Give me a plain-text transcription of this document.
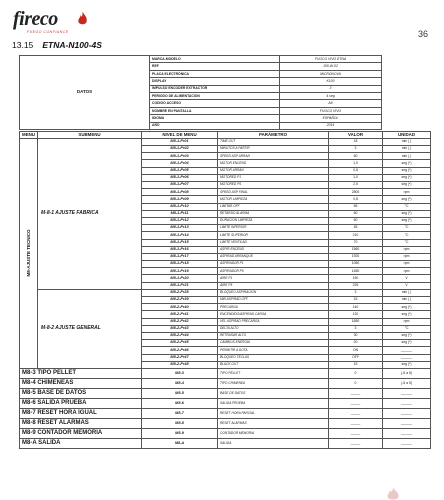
fireco
FUEGO CONFIANCE	36
13.15 ETNA-N100-4S
DATOS	MARCA-MODELO	FUOCO VIVO ETNA	
	REF	105-W-02	
	PLACA ELECTRÓNICA	MICRONOVA	
	DISPLAY	K100	
	IMPULSO ENCODER EXTRACTOR	3	
	PERIODO DE ALIMENTACION	4 seg	
	CODIGO ACCESO	A9	
	NOMBRE EN PANTALLA	FUOCO VIVO	
	IDIOMA	ESPAÑOL	
	AÑO	2014	
MENU	SUBMENU	NIVEL DE MENU	PARÁMETRO	VALOR	UNIDAD

M8-AJUSTE TECNICO	M-8-1 AJUSTE FABRICA	M8-1-Pr01	TIME OUT	18	min ( )
		M8-1-Pr02	MINUTOS A PARTIR	3	min ( )
		M8-1-Pr03	SPEED ASP ARRAN	60	min ( )
		M8-1-Pr04	MOTOR ENCEND	1,0	seg (*)
		M8-1-Pr05	MOTOR ARRAN	0,8	seg (*)
		M8-1-Pr06	MOTORED P1	1,0	seg (*)
		M8-1-Pr07	MOTORED P5	2,5	seg (*)
		M8-1-Pr08	SPEED ASP FINAL	2800	rpm
		M8-1-Pr09	MOTOR LIMPIEZA	0,8	seg (*)
		M8-1-Pr10	LIMITAR OFF	65	°C
		M8-1-Pr11	RETARDO ALARMA	60	seg (*)
		M8-1-Pr12	DURACION LIMPIEZA	60	seg (*)
		M8-1-Pr13	LIMITE INFERIOR	45	°C
		M8-1-Pr14	LIMITE SUPERIOR	210	°C
		M8-1-Pr15	LIMITE VENTILAD	70	°C
		M8-1-Pr16	ASPIR ENCEND	1560	rpm
		M8-1-Pr17	ASPIRAD ARRANQUE	1920	rpm
		M8-1-Pr18	ASPIRADOR P1	1050	rpm
		M8-1-Pr19	ASPIRADOR P5	1450	rpm
		M8-1-Pr20	AIRE P1	150	V
		M8-1-Pr21	AIRE P5	225	V
	M-8-2 AJUSTE GENERAL	M8-2-Pr28	BLOQUEO ASPIRACION	3	min ( )
		M8-2-Pr39	MIN ASPIRAD OFF	15	min ( )
		M8-2-Pr40	PRECARGA	140	seg (*)
		M8-2-Pr41	ENCENDIDO/ASPIRAD CARGA	120	seg (*)
		M8-2-Pr42	VEL ASPIRAD PRECARGA	1650	rpm
		M8-2-Pr43	DELTA ALTO	3	°C
		M8-2-Pr44	RETRASAR ALTO	30	seg (*)
		M8-2-Pr45	CAMBIOS ENERGIA	20	seg (*)
		M8-2-Pr46	PERMITIR A DOTA	ON	______
		M8-2-Pr47	BLOQUEO TECLAS	OFF	______
		M8-2-Pr48	BLACK OUT	15	seg (*)
M8-3 TIPO PELLET		M8-3	TIPO PELLET	0	(-5 a 5)
M8-4 CHIMENEAS		M8-4	TIPO CHIMENEA	0	(-5 a 5)
M8-5 BASE DE DATOS		M8-5	BASE DE DATOS	_____	______
M8-6 SALIDA PRUEBA		M8-6	SALIDA PRUEBA	_____	______
M8-7 RESET HORA IGUAL		M8-7	RESET HORA PARCIAL	_____	______
M8-8 RESET ALARMAS		M8-8	RESET ALARMAS	_____	______
M8-9 CONTADOR MEMORIA		M8-9	CONTADOR MEMORIA	_____	______
M8-A SALIDA		M8-A	SALIDA	_____	______
